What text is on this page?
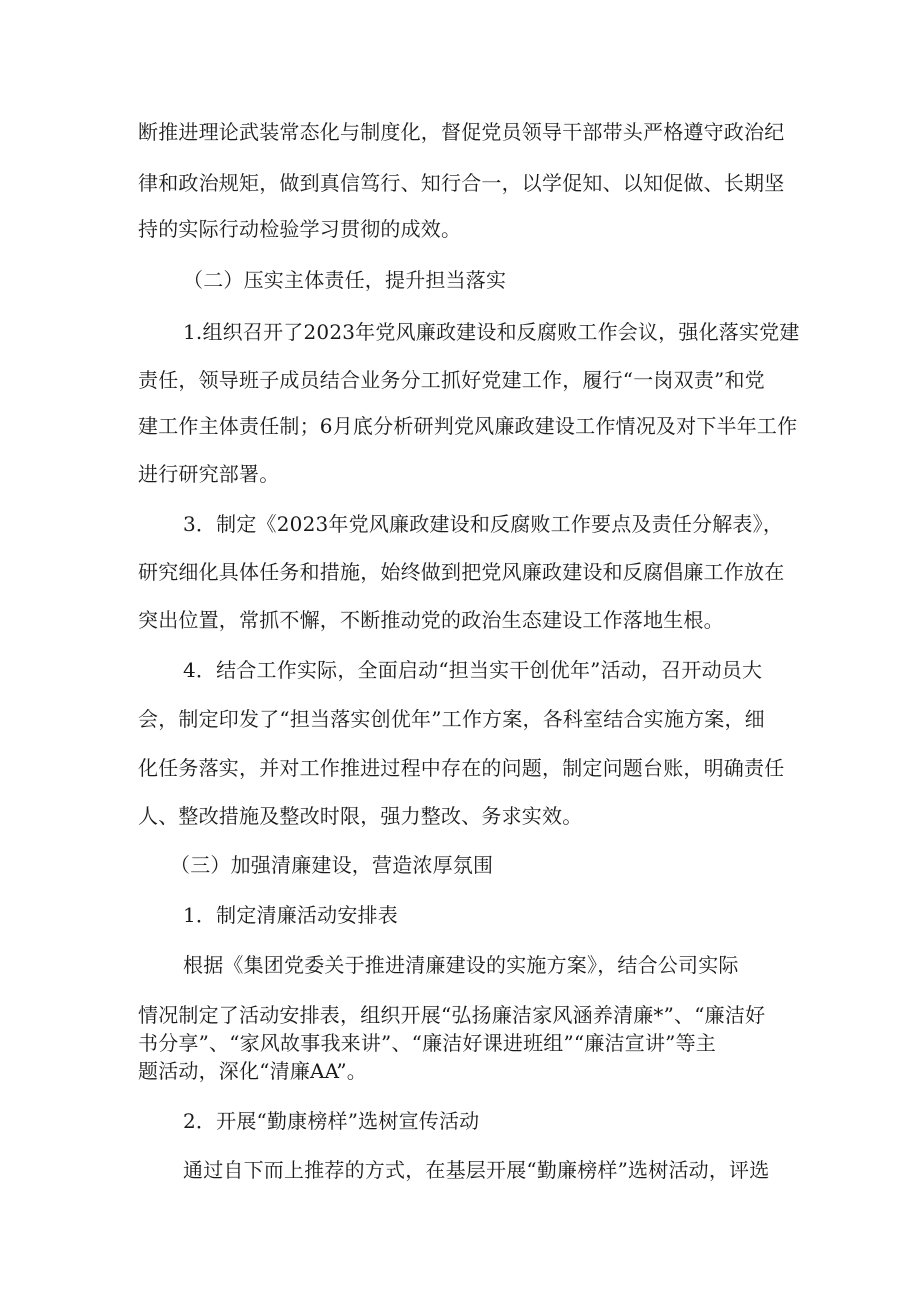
断推进理论武装常态化与制度化，督促党员领导干部带头严格遵守政治纪
律和政治规矩，做到真信笃行、知行合一，以学促知、以知促做、长期坚
持的实际行动检验学习贯彻的成效。
（二）压实主体责任，提升担当落实
1.组织召开了2023年党风廉政建设和反腐败工作会议，强化落实党建
责任，领导班子成员结合业务分工抓好党建工作，履行“一岗双责”和党
建工作主体责任制；6月底分析研判党风廉政建设工作情况及对下半年工作
进行研究部署。
3．制定《2023年党风廉政建设和反腐败工作要点及责任分解表》，
研究细化具体任务和措施，始终做到把党风廉政建设和反腐倡廉工作放在
突出位置，常抓不懈，不断推动党的政治生态建设工作落地生根。
4．结合工作实际，全面启动“担当实干创优年”活动，召开动员大
会，制定印发了“担当落实创优年”工作方案，各科室结合实施方案，细
化任务落实，并对工作推进过程中存在的问题，制定问题台账，明确责任
人、整改措施及整改时限，强力整改、务求实效。
（三）加强清廉建设，营造浓厚氛围
1．制定清廉活动安排表
根据《集团党委关于推进清廉建设的实施方案》，结合公司实际
情况制定了活动安排表，组织开展“弘扬廉洁家风涵养清廉*”、“廉洁好
书分享”、“家风故事我来讲”、“廉洁好课进班组”“廉洁宣讲”等主
题活动，深化“清廉AA”。
2．开展“勤康榜样”选树宣传活动
通过自下而上推荐的方式，在基层开展“勤廉榜样”选树活动，评选
